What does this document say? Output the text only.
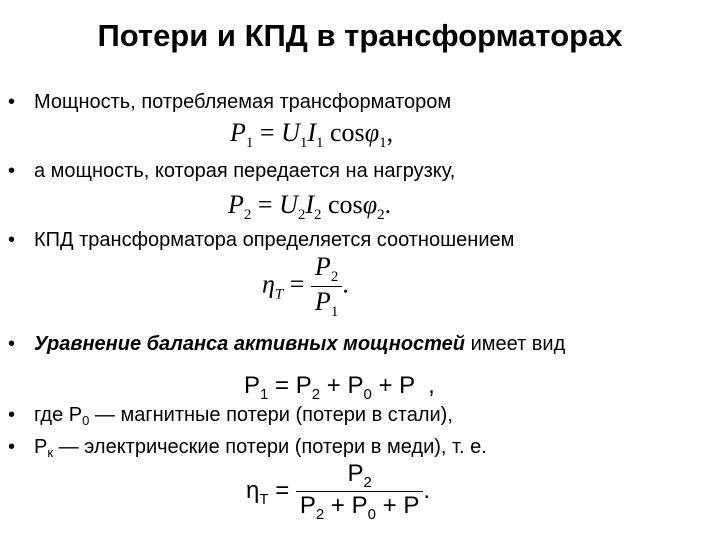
Потери и КПД в трансформаторах
• Мощность, потребляемая трансформатором
$P_1 = U_1I_1$ cosφ$_1$,
• а мощность, которая передается на нагрузку,
$P_2 = U_2I_2$ cosφ$_2$.
• КПД трансформатора определяется соотношением
$\eta_T = \frac{P_2}{P_1}$ .
• Уравнение баланса активных мощностей имеет вид
$P_1 = P_2 + P_0 + P$ ,
• где $Р_0$ — магнитные потери (потери в стали),
• $Р_к$ — электрические потери (потери в меди), т. е.
$\eta_T = \frac{P_2}{P_2 + P_0 + P}$ .
